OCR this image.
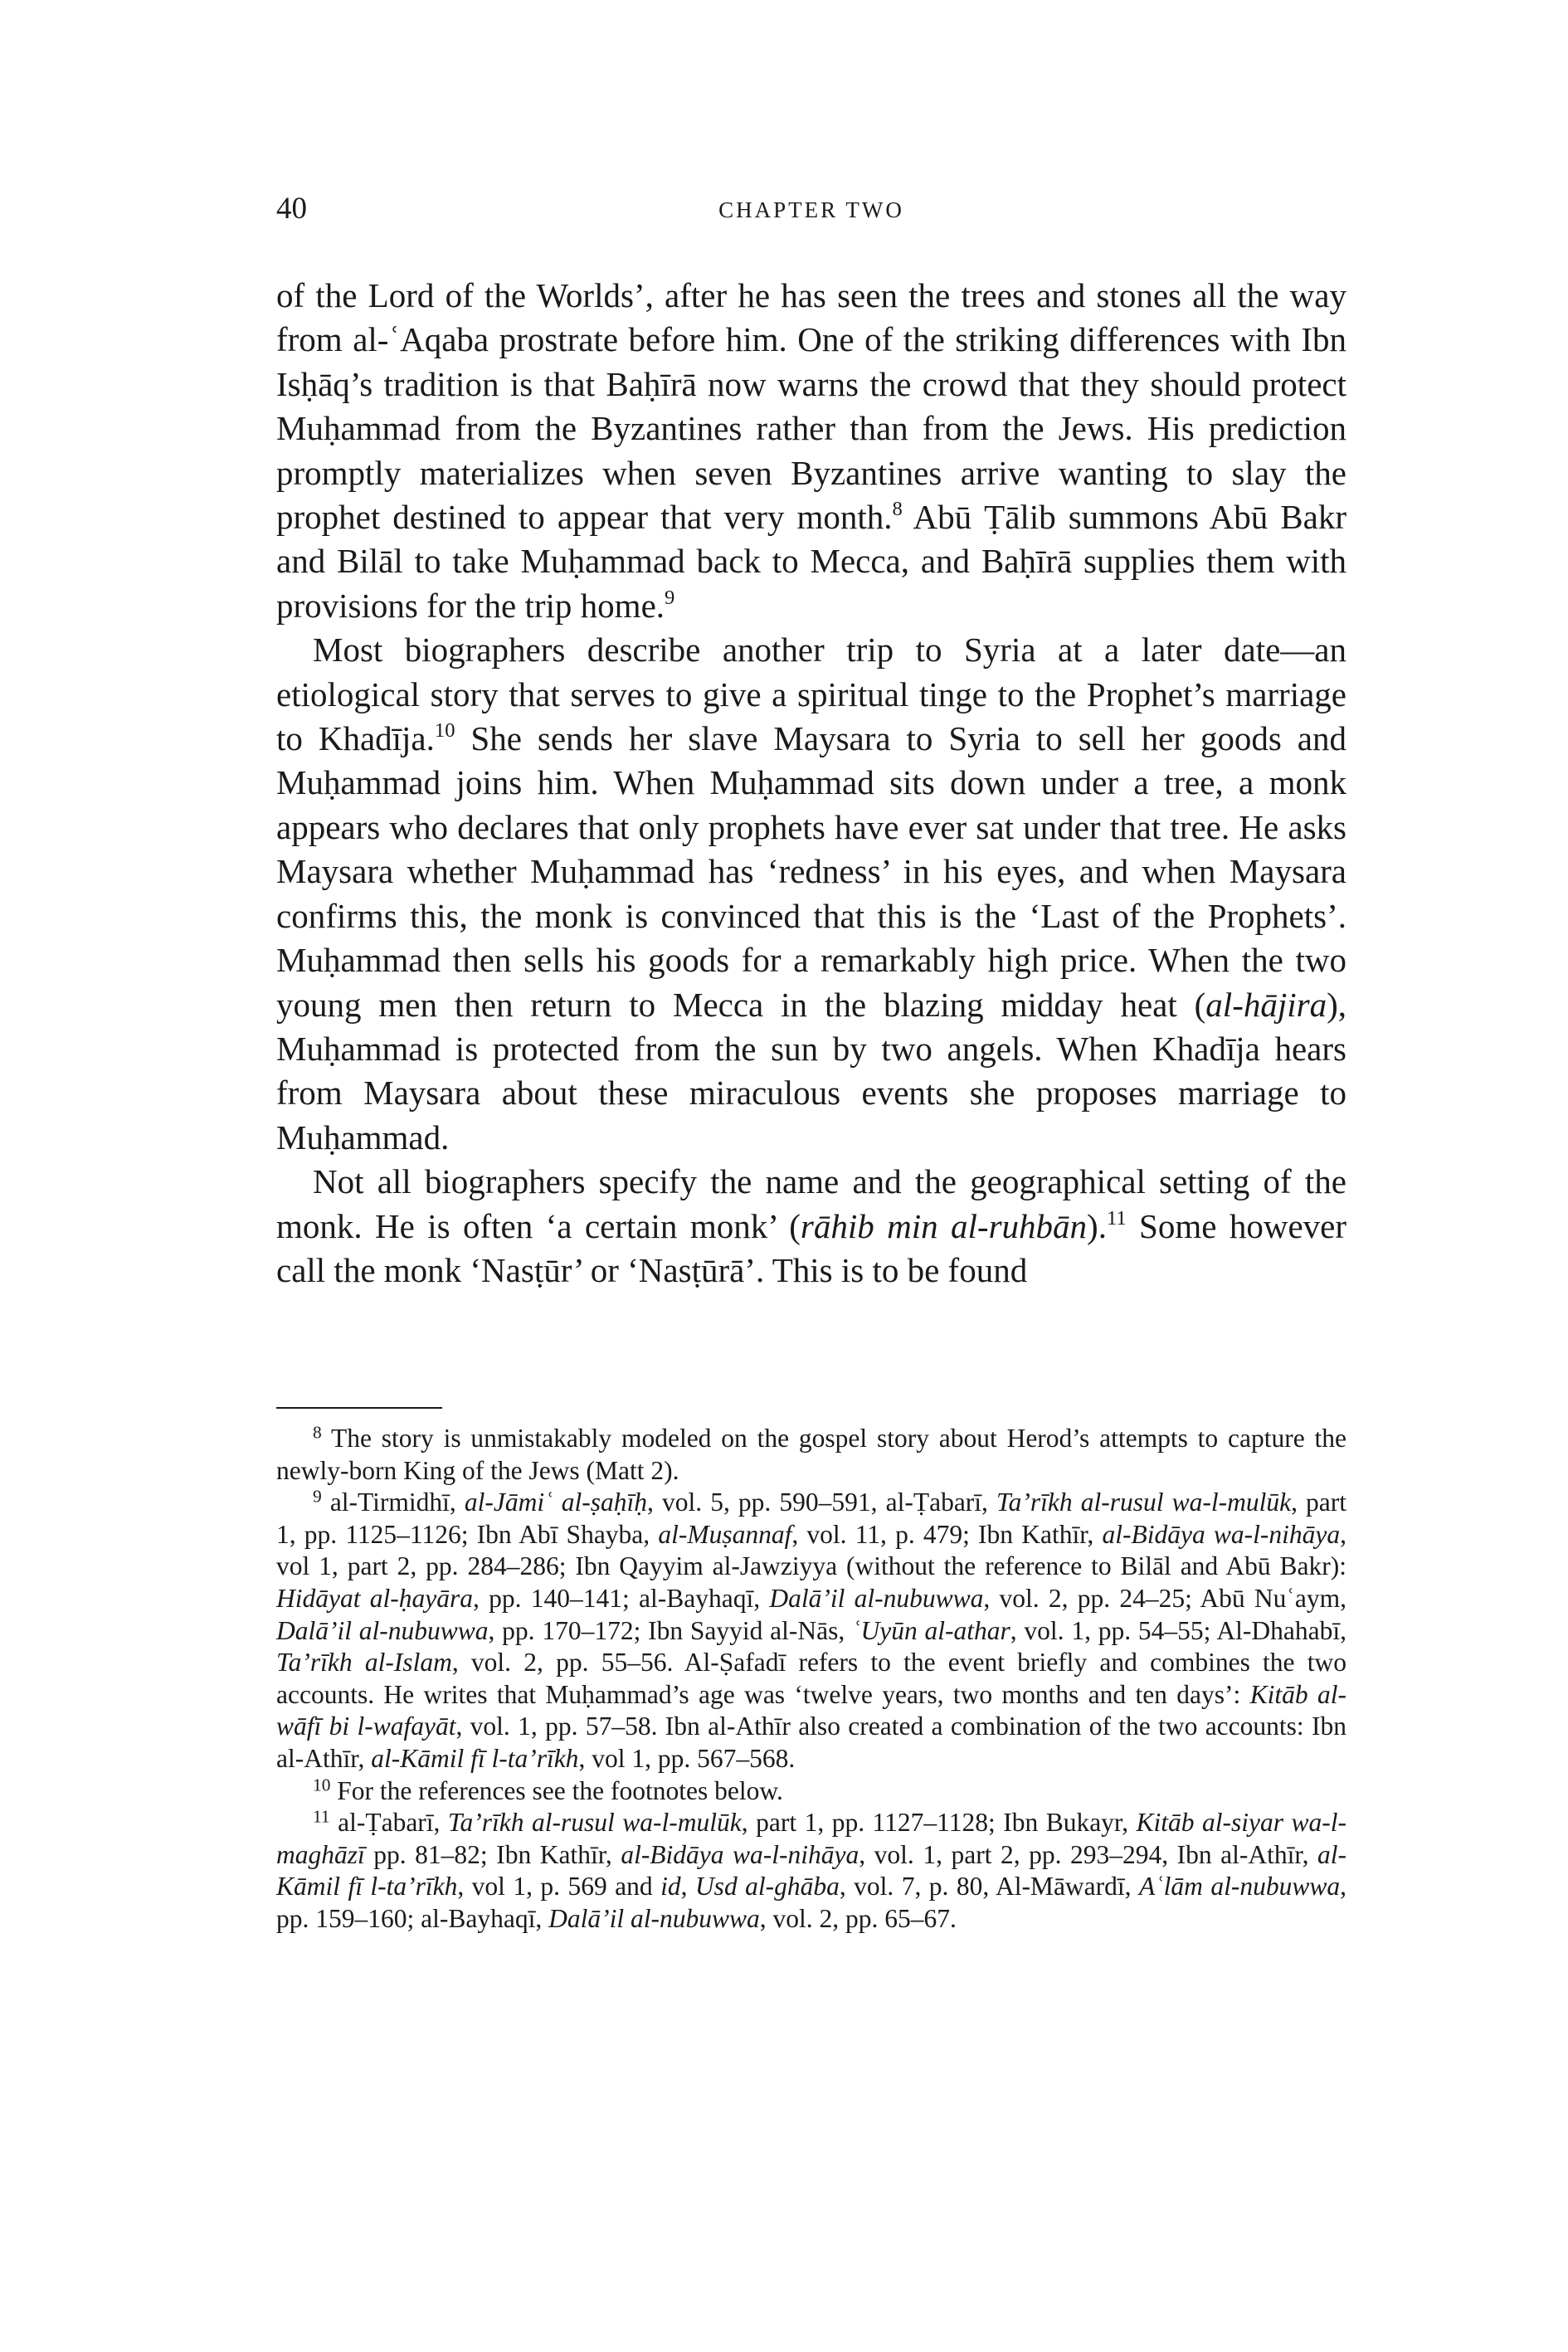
40	CHAPTER TWO

of the Lord of the Worlds’, after he has seen the trees and stones all the way from al-ʿAqaba prostrate before him. One of the striking differences with Ibn Isḥāq’s tradition is that Baḥīrā now warns the crowd that they should protect Muḥammad from the Byzantines rather than from the Jews. His prediction promptly materializes when seven Byzantines arrive wanting to slay the prophet destined to appear that very month.$^8$ Abū Ṭālib summons Abū Bakr and Bilāl to take Muḥammad back to Mecca, and Baḥīrā supplies them with provisions for the trip home.$^9$

Most biographers describe another trip to Syria at a later date—an etiological story that serves to give a spiritual tinge to the Prophet’s marriage to Khadīja.$^{10}$ She sends her slave Maysara to Syria to sell her goods and Muḥammad joins him. When Muḥammad sits down under a tree, a monk appears who declares that only prophets have ever sat under that tree. He asks Maysara whether Muḥammad has ‘redness’ in his eyes, and when Maysara confirms this, the monk is convinced that this is the ‘Last of the Prophets’. Muḥammad then sells his goods for a remarkably high price. When the two young men then return to Mecca in the blazing midday heat (al-hājira), Muḥammad is protected from the sun by two angels. When Khadīja hears from Maysara about these miraculous events she proposes marriage to Muḥammad.

Not all biographers specify the name and the geographical setting of the monk. He is often ‘a certain monk’ (rāhib min al-ruhbān).$^{11}$ Some however call the monk ‘Nasṭūr’ or ‘Nasṭūrā’. This is to be found

$^8$ The story is unmistakably modeled on the gospel story about Herod’s attempts to capture the newly-born King of the Jews (Matt 2).

$^9$ al-Tirmidhī, al-Jāmiʿ al-ṣaḥīḥ, vol. 5, pp. 590–591, al-Ṭabarī, Ta’rīkh al-rusul wa-l-mulūk, part 1, pp. 1125–1126; Ibn Abī Shayba, al-Muṣannaf, vol. 11, p. 479; Ibn Kathīr, al-Bidāya wa-l-nihāya, vol 1, part 2, pp. 284–286; Ibn Qayyim al-Jawziyya (without the reference to Bilāl and Abū Bakr): Hidāyat al-ḥayāra, pp. 140–141; al-Bayhaqī, Dalā’il al-nubuwwa, vol. 2, pp. 24–25; Abū Nuʿaym, Dalā’il al-nubuwwa, pp. 170–172; Ibn Sayyid al-Nās, ʿUyūn al-athar, vol. 1, pp. 54–55; Al-Dhahabī, Ta’rīkh al-Islam, vol. 2, pp. 55–56. Al-Ṣafadī refers to the event briefly and combines the two accounts. He writes that Muḥammad’s age was ‘twelve years, two months and ten days’: Kitāb al-wāfī bi l-wafayāt, vol. 1, pp. 57–58. Ibn al-Athīr also created a combination of the two accounts: Ibn al-Athīr, al-Kāmil fī l-ta’rīkh, vol 1, pp. 567–568.

$^{10}$ For the references see the footnotes below.

$^{11}$ al-Ṭabarī, Ta’rīkh al-rusul wa-l-mulūk, part 1, pp. 1127–1128; Ibn Bukayr, Kitāb al-siyar wa-l-maghāzī pp. 81–82; Ibn Kathīr, al-Bidāya wa-l-nihāya, vol. 1, part 2, pp. 293–294, Ibn al-Athīr, al-Kāmil fī l-ta’rīkh, vol 1, p. 569 and id, Usd al-ghāba, vol. 7, p. 80, Al-Māwardī, Aʿlām al-nubuwwa, pp. 159–160; al-Bayhaqī, Dalā’il al-nubuwwa, vol. 2, pp. 65–67.
